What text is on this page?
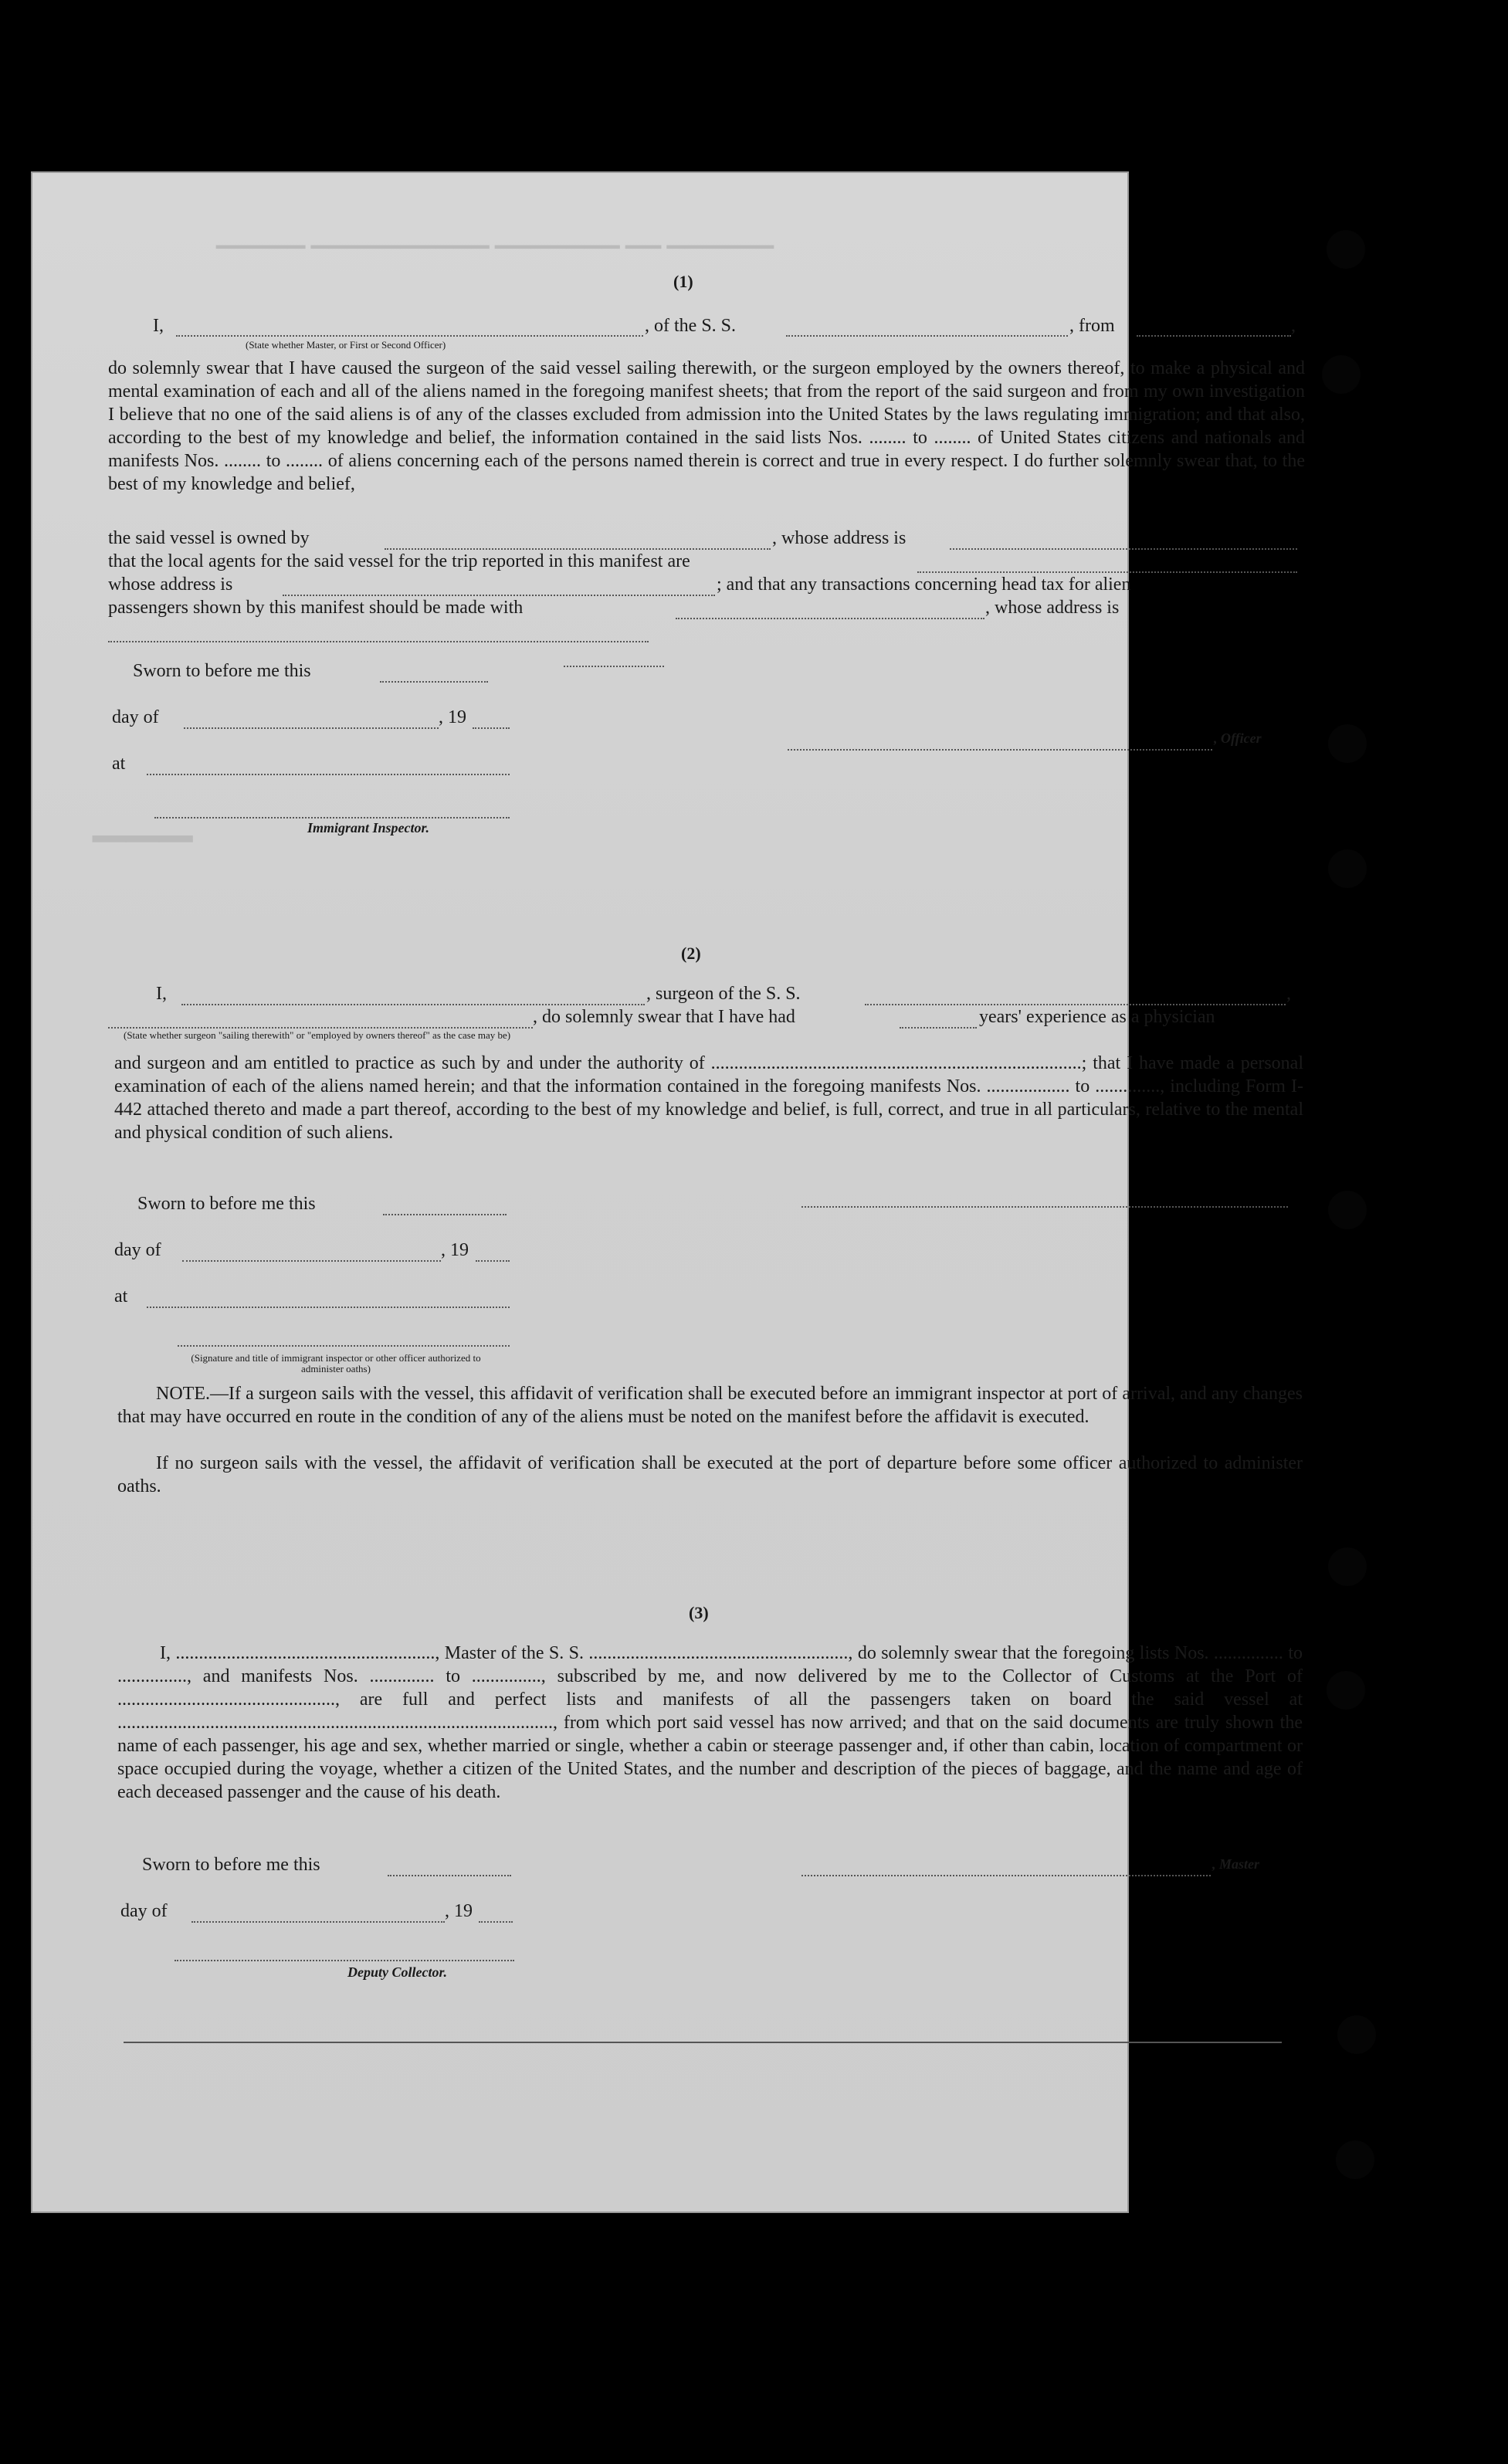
▁▁▁▁▁▁ ▁▁ ▁▁▁▁▁▁▁ ▁▁▁▁▁▁▁▁▁▁ ▁▁▁▁▁
▁▁▁
(1)
I,	, of the S. S.	, from	,
(State whether Master, or First or Second Officer)
do solemnly swear that I have caused the surgeon of the said vessel sailing therewith, or the surgeon employed by the owners thereof, to make a physical and mental examination of each and all of the aliens named in the foregoing manifest sheets; that from the report of the said surgeon and from my own investigation I believe that no one of the said aliens is of any of the classes excluded from admission into the United States by the laws regulating immigration; and that also, according to the best of my knowledge and belief, the information contained in the said lists Nos. ........ to ........ of United States citizens and nationals and manifests Nos. ........ to ........ of aliens concerning each of the persons named therein is correct and true in every respect. I do further solemnly swear that, to the best of my knowledge and belief,
the said vessel is owned by	, whose address is
that the local agents for the said vessel for the trip reported in this manifest are
whose address is	; and that any transactions concerning head tax for alien
passengers shown by this manifest should be made with	, whose address is
Sworn to before me this
day of	, 19
, Officer
at
Immigrant Inspector.
(2)
I,	, surgeon of the S. S.	,
, do solemnly swear that I have had	years' experience as a physician
(State whether surgeon "sailing therewith" or "employed by owners thereof" as the case may be)
and surgeon and am entitled to practice as such by and under the authority of ................................................................................; that I have made a personal examination of each of the aliens named herein; and that the information contained in the foregoing manifests Nos. .................. to .............., including Form I-442 attached thereto and made a part thereof, according to the best of my knowledge and belief, is full, correct, and true in all particulars, relative to the mental and physical condition of such aliens.
Sworn to before me this
day of	, 19
at
(Signature and title of immigrant inspector or other officer authorized to administer oaths)
NOTE.—If a surgeon sails with the vessel, this affidavit of verification shall be executed before an immigrant inspector at port of arrival, and any changes that may have occurred en route in the condition of any of the aliens must be noted on the manifest before the affidavit is executed.
If no surgeon sails with the vessel, the affidavit of verification shall be executed at the port of departure before some officer authorized to administer oaths.
(3)
I, ........................................................, Master of the S. S. ........................................................, do solemnly swear that the foregoing lists Nos. ............... to ..............., and manifests Nos. .............. to ..............., subscribed by me, and now delivered by me to the Collector of Customs at the Port of ..............................................., are full and perfect lists and manifests of all the passengers taken on board the said vessel at .............................................................................................., from which port said vessel has now arrived; and that on the said documents are truly shown the name of each passenger, his age and sex, whether married or single, whether a cabin or steerage passenger and, if other than cabin, location of compartment or space occupied during the voyage, whether a citizen of the United States, and the number and description of the pieces of baggage, and the name and age of each deceased passenger and the cause of his death.
Sworn to before me this	, Master
day of	, 19
Deputy Collector.
